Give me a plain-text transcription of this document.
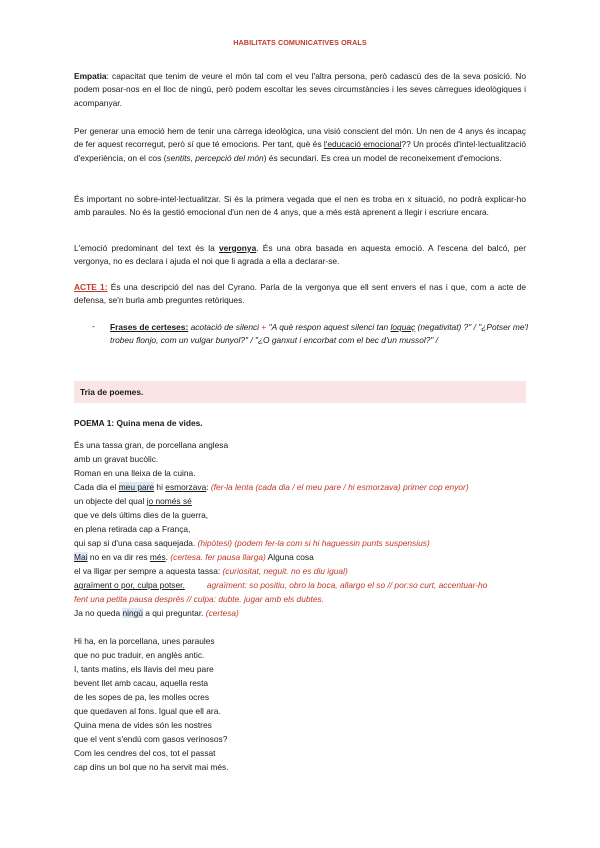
HABILITATS COMUNICATIVES ORALS

Empatia: capacitat que tenim de veure el món tal com el veu l'altra persona, però cadascú des de la seva posició. No podem posar-nos en el lloc de ningú, però podem escoltar les seves circumstàncies i les seves càrregues ideològiques i acompanyar.

Per generar una emoció hem de tenir una càrrega ideològica, una visió conscient del món. Un nen de 4 anys és incapaç de fer aquest recorregut, però sí que té emocions. Per tant, què és l'educació emocional?? Un procés d'intel·lectualització d'experiència, on el cos (sentits, percepció del món) és secundari. Es crea un model de reconeixement d'emocions.

És important no sobre-intel·lectualitzar. Si és la primera vegada que el nen es troba en x situació, no podrà explicar-ho amb paraules. No és la gestió emocional d'un nen de 4 anys, que a més està aprenent a llegir i escriure encara.

L'emoció predominant del text és la vergonya. És una obra basada en aquesta emoció. A l'escena del balcó, per vergonya, no es declara i ajuda el noi que li agrada a ella a declarar-se.

ACTE 1: És una descripció del nas del Cyrano. Parla de la vergonya que ell sent envers el nas i que, com a acte de defensa, se'n burla amb preguntes retòriques.

- Frases de certeses: acotació de silenci + "A què respon aquest silenci tan loquaç (negativitat) ?" / "¿Potser me'l trobeu flonjo, com un vulgar bunyol?" / "¿O ganxut i encorbat com el bec d'un mussol?" /
Tria de poemes.
POEMA 1: Quina mena de vides.
És una tassa gran, de porcellana anglesa
amb un gravat bucòlic.
Roman en una lleixa de la cuina.
Cada dia el meu pare hi esmorzava: (fer-la lenta (cada dia / el meu pare / hi esmorzava) primer cop enyor)
un objecte del qual jo només sé
que ve dels últims dies de la guerra,
en plena retirada cap a França,
qui sap si d'una casa saquejada. (hipòtesi) (podem fer-la com si hi haguessin punts suspensius)
Mai no en va dir res més. (certesa. fer pausa llarga) Alguna cosa
el va lligar per sempre a aquesta tassa: (curiositat, neguit. no es diu igual)
agraïment o por, culpa potser.	agraïment: so positiu, obro la boca, allargo el so // por:so curt, accentuar-ho
fent una petita pausa després // culpa: dubte. jugar amb els dubtes.
Ja no queda ningú a qui preguntar. (certesa)
Hi ha, en la porcellana, unes paraules
que no puc traduir, en anglès antic.
I, tants matins, els llavis del meu pare
bevent llet amb cacau, aquella resta
de les sopes de pa, les molles ocres
que quedaven al fons. Igual que ell ara.
Quina mena de vides són les nostres
que el vent s'endú com gasos verinosos?
Com les cendres del cos, tot el passat
cap dins un bol que no ha servit mai més.
